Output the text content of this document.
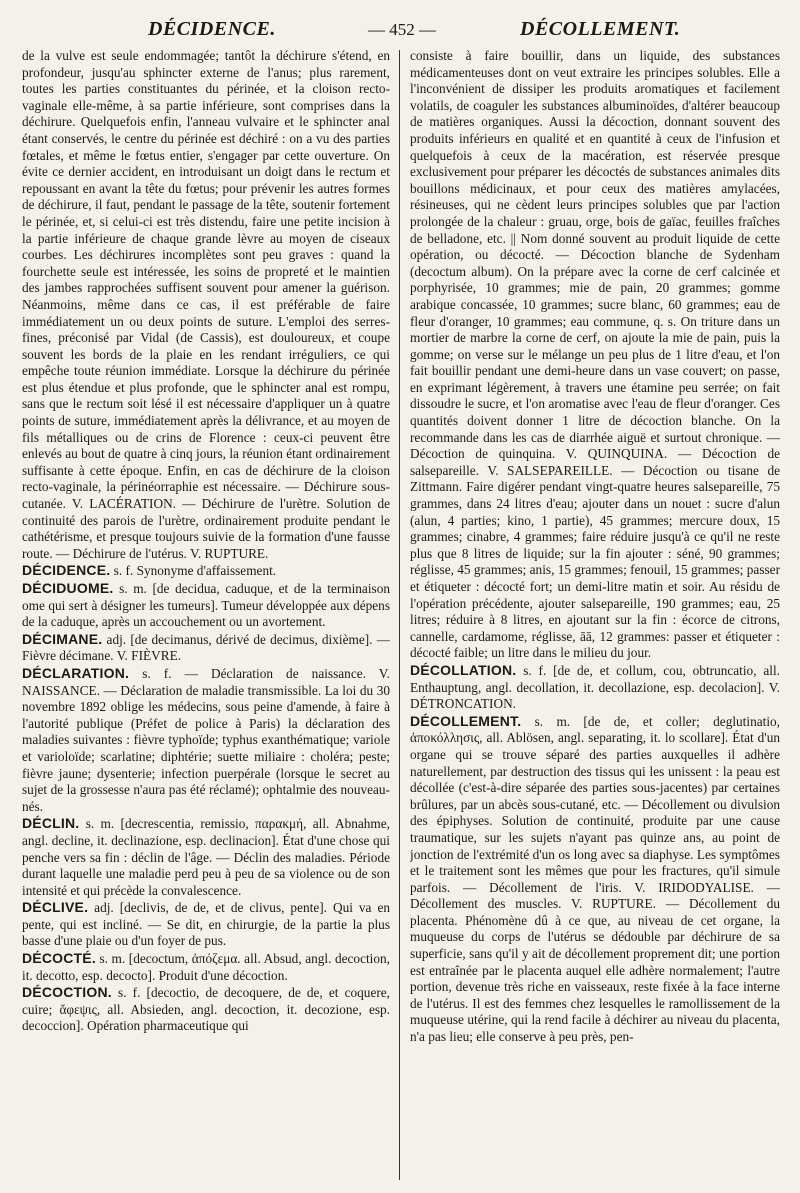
DÉCIDENCE.	— 452 —	DÉCOLLEMENT.

de la vulve est seule endommagée; tantôt la déchirure s'étend, en profondeur, jusqu'au sphincter externe de l'anus; plus rarement, toutes les parties constituantes du périnée, et la cloison recto-vaginale elle-même, à sa partie inférieure, sont comprises dans la déchirure. Quelquefois enfin, l'anneau vulvaire et le sphincter anal étant conservés, le centre du périnée est déchiré : on a vu des parties fœtales, et même le fœtus entier, s'engager par cette ouverture. On évite ce dernier accident, en introduisant un doigt dans le rectum et repoussant en avant la tête du fœtus; pour prévenir les autres formes de déchirure, il faut, pendant le passage de la tête, soutenir fortement le périnée, et, si celui-ci est très distendu, faire une petite incision à la partie inférieure de chaque grande lèvre au moyen de ciseaux courbes. Les déchirures incomplètes sont peu graves : quand la fourchette seule est intéressée, les soins de propreté et le maintien des jambes rapprochées suffisent souvent pour amener la guérison. Néanmoins, même dans ce cas, il est préférable de faire immédiatement un ou deux points de suture. L'emploi des serres-fines, préconisé par Vidal (de Cassis), est douloureux, et coupe souvent les bords de la plaie en les rendant irréguliers, ce qui empêche toute réunion immédiate. Lorsque la déchirure du périnée est plus étendue et plus profonde, que le sphincter anal est rompu, sans que le rectum soit lésé il est nécessaire d'appliquer un à quatre points de suture, immédiatement après la délivrance, et au moyen de fils métalliques ou de crins de Florence : ceux-ci peuvent être enlevés au bout de quatre à cinq jours, la réunion étant ordinairement suffisante à cette époque. Enfin, en cas de déchirure de la cloison recto-vaginale, la périnéorraphie est nécessaire. — Déchirure sous-cutanée. V. LACÉRATION. — Déchirure de l'urètre. Solution de continuité des parois de l'urètre, ordinairement produite pendant le cathétérisme, et presque toujours suivie de la formation d'une fausse route. — Déchirure de l'utérus. V. RUPTURE.

DÉCIDENCE. s. f. Synonyme d'affaissement.

DÉCIDUOME. s. m. [de decidua, caduque, et de la terminaison ome qui sert à désigner les tumeurs]. Tumeur développée aux dépens de la caduque, après un accouchement ou un avortement.

DÉCIMANE. adj. [de decimanus, dérivé de decimus, dixième]. — Fièvre décimane. V. FIÈVRE.

DÉCLARATION. s. f. — Déclaration de naissance. V. NAISSANCE. — Déclaration de maladie transmissible. La loi du 30 novembre 1892 oblige les médecins, sous peine d'amende, à faire à l'autorité publique (Préfet de police à Paris) la déclaration des maladies suivantes : fièvre typhoïde; typhus exanthématique; variole et varioloïde; scarlatine; diphtérie; suette miliaire : choléra; peste; fièvre jaune; dysenterie; infection puerpérale (lorsque le secret au sujet de la grossesse n'aura pas été réclamé); ophtalmie des nouveau-nés.

DÉCLIN. s. m. [decrescentia, remissio, παρακμή, all. Abnahme, angl. decline, it. declinazione, esp. declinacion]. État d'une chose qui penche vers sa fin : déclin de l'âge. — Déclin des maladies. Période durant laquelle une maladie perd peu à peu de sa violence ou de son intensité et qui précède la convalescence.

DÉCLIVE. adj. [declivis, de de, et de clivus, pente]. Qui va en pente, qui est incliné. — Se dit, en chirurgie, de la partie la plus basse d'une plaie ou d'un foyer de pus.

DÉCOCTÉ. s. m. [decoctum, ἀπόζεμα. all. Absud, angl. decoction, it. decotto, esp. decocto]. Produit d'une décoction.

DÉCOCTION. s. f. [decoctio, de decoquere, de de, et coquere, cuire; ἄφεψις, all. Absieden, angl. decoction, it. decozione, esp. decoccion]. Opération pharmaceutique qui

consiste à faire bouillir, dans un liquide, des substances médicamenteuses dont on veut extraire les principes solubles. Elle a l'inconvénient de dissiper les produits aromatiques et facilement volatils, de coaguler les substances albuminoïdes, d'altérer beaucoup de matières organiques. Aussi la décoction, donnant souvent des produits inférieurs en qualité et en quantité à ceux de l'infusion et quelquefois à ceux de la macération, est réservée presque exclusivement pour préparer les décoctés de substances animales dits bouillons médicinaux, et pour ceux des matières amylacées, résineuses, qui ne cèdent leurs principes solubles que par l'action prolongée de la chaleur : gruau, orge, bois de gaïac, feuilles fraîches de belladone, etc. || Nom donné souvent au produit liquide de cette opération, ou décocté. — Décoction blanche de Sydenham (decoctum album). On la prépare avec la corne de cerf calcinée et porphyrisée, 10 grammes; mie de pain, 20 grammes; gomme arabique concassée, 10 grammes; sucre blanc, 60 grammes; eau de fleur d'oranger, 10 grammes; eau commune, q. s. On triture dans un mortier de marbre la corne de cerf, on ajoute la mie de pain, puis la gomme; on verse sur le mélange un peu plus de 1 litre d'eau, et l'on fait bouillir pendant une demi-heure dans un vase couvert; on passe, en exprimant légèrement, à travers une étamine peu serrée; on fait dissoudre le sucre, et l'on aromatise avec l'eau de fleur d'oranger. Ces quantités doivent donner 1 litre de décoction blanche. On la recommande dans les cas de diarrhée aiguë et surtout chronique. — Décoction de quinquina. V. QUINQUINA. — Décoction de salsepareille. V. SALSEPAREILLE. — Décoction ou tisane de Zittmann. Faire digérer pendant vingt-quatre heures salsepareille, 75 grammes, dans 24 litres d'eau; ajouter dans un nouet : sucre d'alun (alun, 4 parties; kino, 1 partie), 45 grammes; mercure doux, 15 grammes; cinabre, 4 grammes; faire réduire jusqu'à ce qu'il ne reste plus que 8 litres de liquide; sur la fin ajouter : séné, 90 grammes; réglisse, 45 grammes; anis, 15 grammes; fenouil, 15 grammes; passer et étiqueter : décocté fort; un demi-litre matin et soir. Au résidu de l'opération précédente, ajouter salsepareille, 190 grammes; eau, 25 litres; réduire à 8 litres, en ajoutant sur la fin : écorce de citrons, cannelle, cardamome, réglisse, āā, 12 grammes: passer et étiqueter : décocté faible; un litre dans le milieu du jour.

DÉCOLLATION. s. f. [de de, et collum, cou, obtruncatio, all. Enthauptung, angl. decollation, it. decollazione, esp. decolacion]. V. DÉTRONCATION.

DÉCOLLEMENT. s. m. [de de, et coller; deglutinatio, ἀποκόλλησις, all. Ablösen, angl. separating, it. lo scollare]. État d'un organe qui se trouve séparé des parties auxquelles il adhère naturellement, par destruction des tissus qui les unissent : la peau est décollée (c'est-à-dire séparée des parties sous-jacentes) par certaines brûlures, par un abcès sous-cutané, etc. — Décollement ou divulsion des épiphyses. Solution de continuité, produite par une cause traumatique, sur les sujets n'ayant pas quinze ans, au point de jonction de l'extrémité d'un os long avec sa diaphyse. Les symptômes et le traitement sont les mêmes que pour les fractures, qu'il simule parfois. — Décollement de l'iris. V. IRIDODYALISE. — Décollement des muscles. V. RUPTURE. — Décollement du placenta. Phénomène dû à ce que, au niveau de cet organe, la muqueuse du corps de l'utérus se dédouble par déchirure de sa superficie, sans qu'il y ait de décollement proprement dit; une portion est entraînée par le placenta auquel elle adhère normalement; l'autre portion, devenue très riche en vaisseaux, reste fixée à la face interne de l'utérus. Il est des femmes chez lesquelles le ramollissement de la muqueuse utérine, qui la rend facile à déchirer au niveau du placenta, n'a pas lieu; elle conserve à peu près, pen-
